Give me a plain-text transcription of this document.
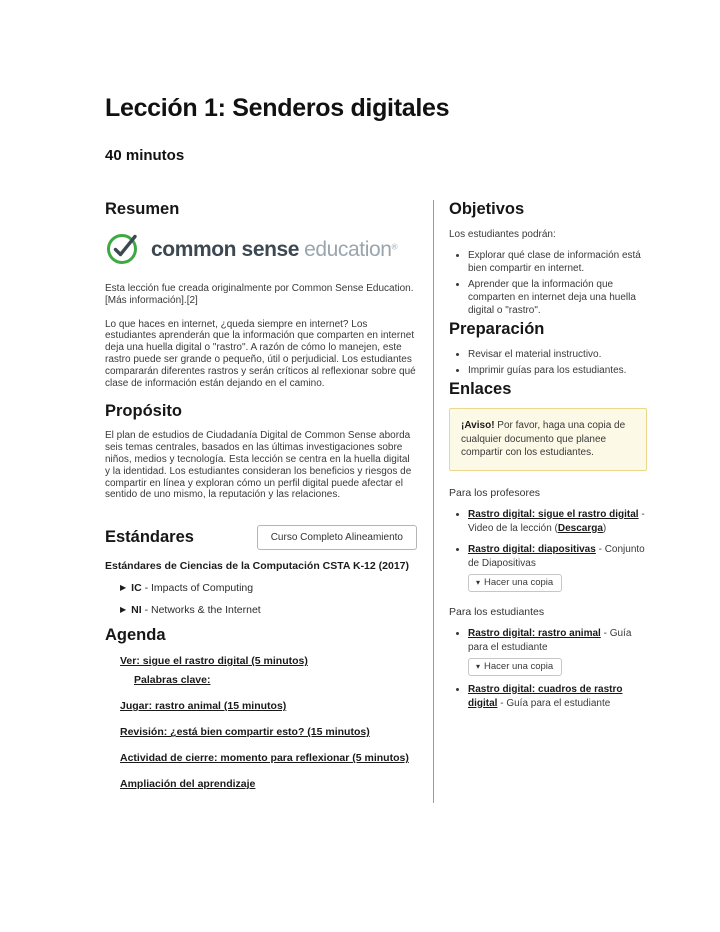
Lección 1: Senderos digitales
40 minutos
Resumen
common sense education®

Esta lección fue creada originalmente por Common Sense Education. [Más información].[2]

Lo que haces en internet, ¿queda siempre en internet? Los estudiantes aprenderán que la información que comparten en internet deja una huella digital o "rastro". A razón de cómo lo manejen, este rastro puede ser grande o pequeño, útil o perjudicial. Los estudiantes compararán diferentes rastros y serán críticos al reflexionar sobre qué clase de información están dejando en el camino.

Propósito

El plan de estudios de Ciudadanía Digital de Common Sense aborda seis temas centrales, basados en las últimas investigaciones sobre niños, medios y tecnología. Esta lección se centra en la huella digital y la identidad. Los estudiantes consideran los beneficios y riesgos de compartir en línea y exploran cómo un perfil digital puede afectar el sentido de uno mismo, la reputación y las relaciones.

Estándares	Curso Completo Alineamiento
Estándares de Ciencias de la Computación CSTA K-12 (2017)
▶ IC - Impacts of Computing
▶ NI - Networks & the Internet
Agenda
Ver: sigue el rastro digital (5 minutos)
Palabras clave:
Jugar: rastro animal (15 minutos)
Revisión: ¿está bien compartir esto? (15 minutos)
Actividad de cierre: momento para reflexionar (5 minutos)
Ampliación del aprendizaje
Objetivos

Los estudiantes podrán:

• Explorar qué clase de información está bien compartir en internet.
• Aprender que la información que comparten en internet deja una huella digital o "rastro".
Preparación
• Revisar el material instructivo.
• Imprimir guías para los estudiantes.
Enlaces
¡Aviso! Por favor, haga una copia de cualquier documento que planee compartir con los estudiantes.
Para los profesores
• Rastro digital: sigue el rastro digital - Video de la lección (Descarga)
• Rastro digital: diapositivas - Conjunto de Diapositivas
▾ Hacer una copia
Para los estudiantes
• Rastro digital: rastro animal - Guía para el estudiante
▾ Hacer una copia
• Rastro digital: cuadros de rastro digital - Guía para el estudiante
